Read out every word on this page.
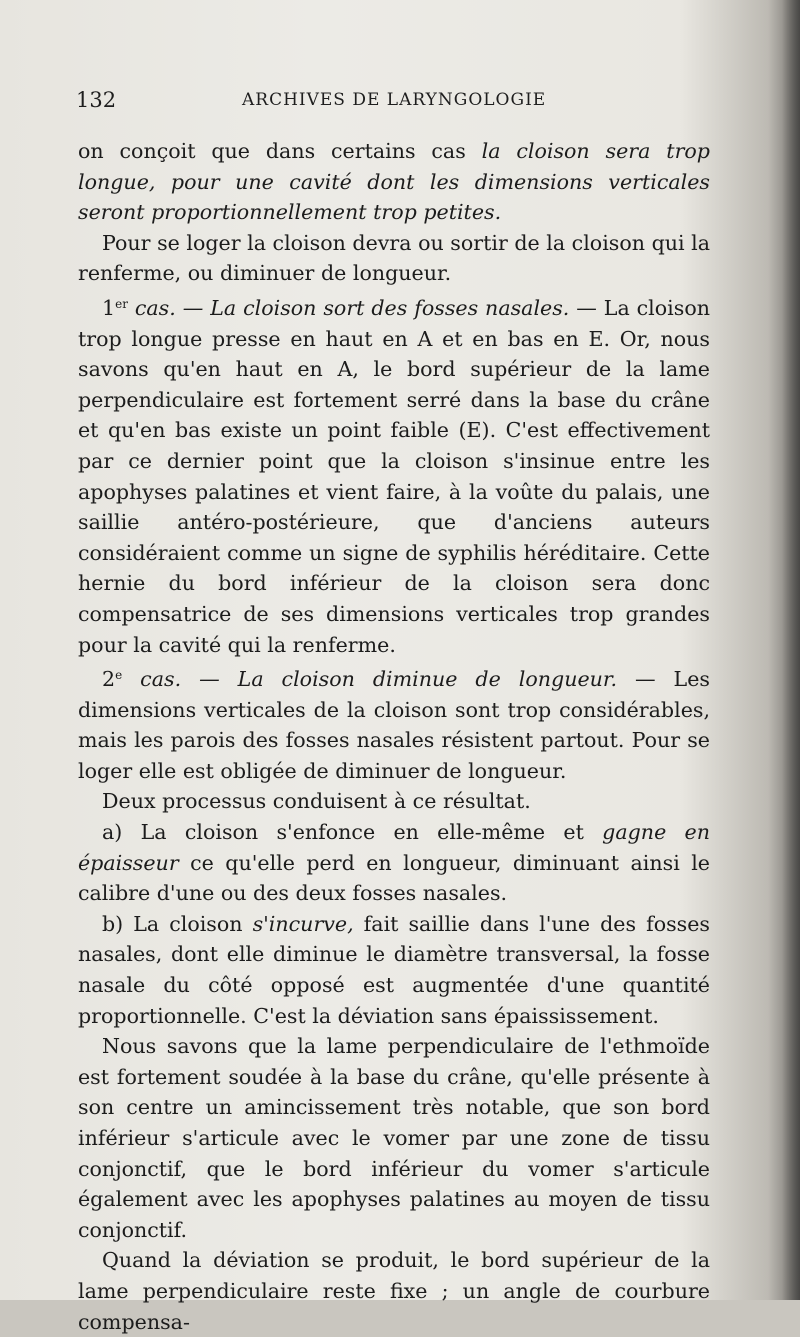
132	ARCHIVES DE LARYNGOLOGIE

on conçoit que dans certains cas la cloison sera trop longue, pour une cavité dont les dimensions verticales seront proportionnellement trop petites.

Pour se loger la cloison devra ou sortir de la cloison qui la renferme, ou diminuer de longueur.

1er cas. — La cloison sort des fosses nasales. — La cloison trop longue presse en haut en A et en bas en E. Or, nous savons qu'en haut en A, le bord supérieur de la lame perpendiculaire est fortement serré dans la base du crâne et qu'en bas existe un point faible (E). C'est effectivement par ce dernier point que la cloison s'insinue entre les apophyses palatines et vient faire, à la voûte du palais, une saillie antéro-postérieure, que d'anciens auteurs considéraient comme un signe de syphilis héréditaire. Cette hernie du bord inférieur de la cloison sera donc compensatrice de ses dimensions verticales trop grandes pour la cavité qui la renferme.

2e cas. — La cloison diminue de longueur. — Les dimensions verticales de la cloison sont trop considérables, mais les parois des fosses nasales résistent partout. Pour se loger elle est obligée de diminuer de longueur.

Deux processus conduisent à ce résultat.

a) La cloison s'enfonce en elle-même et gagne en épaisseur ce qu'elle perd en longueur, diminuant ainsi le calibre d'une ou des deux fosses nasales.

b) La cloison s'incurve, fait saillie dans l'une des fosses nasales, dont elle diminue le diamètre transversal, la fosse nasale du côté opposé est augmentée d'une quantité proportionnelle. C'est la déviation sans épaississement.

Nous savons que la lame perpendiculaire de l'ethmoïde est fortement soudée à la base du crâne, qu'elle présente à son centre un amincissement très notable, que son bord inférieur s'articule avec le vomer par une zone de tissu conjonctif, que le bord inférieur du vomer s'articule également avec les apophyses palatines au moyen de tissu conjonctif.

Quand la déviation se produit, le bord supérieur de la lame perpendiculaire reste fixe ; un angle de courbure compensa-
